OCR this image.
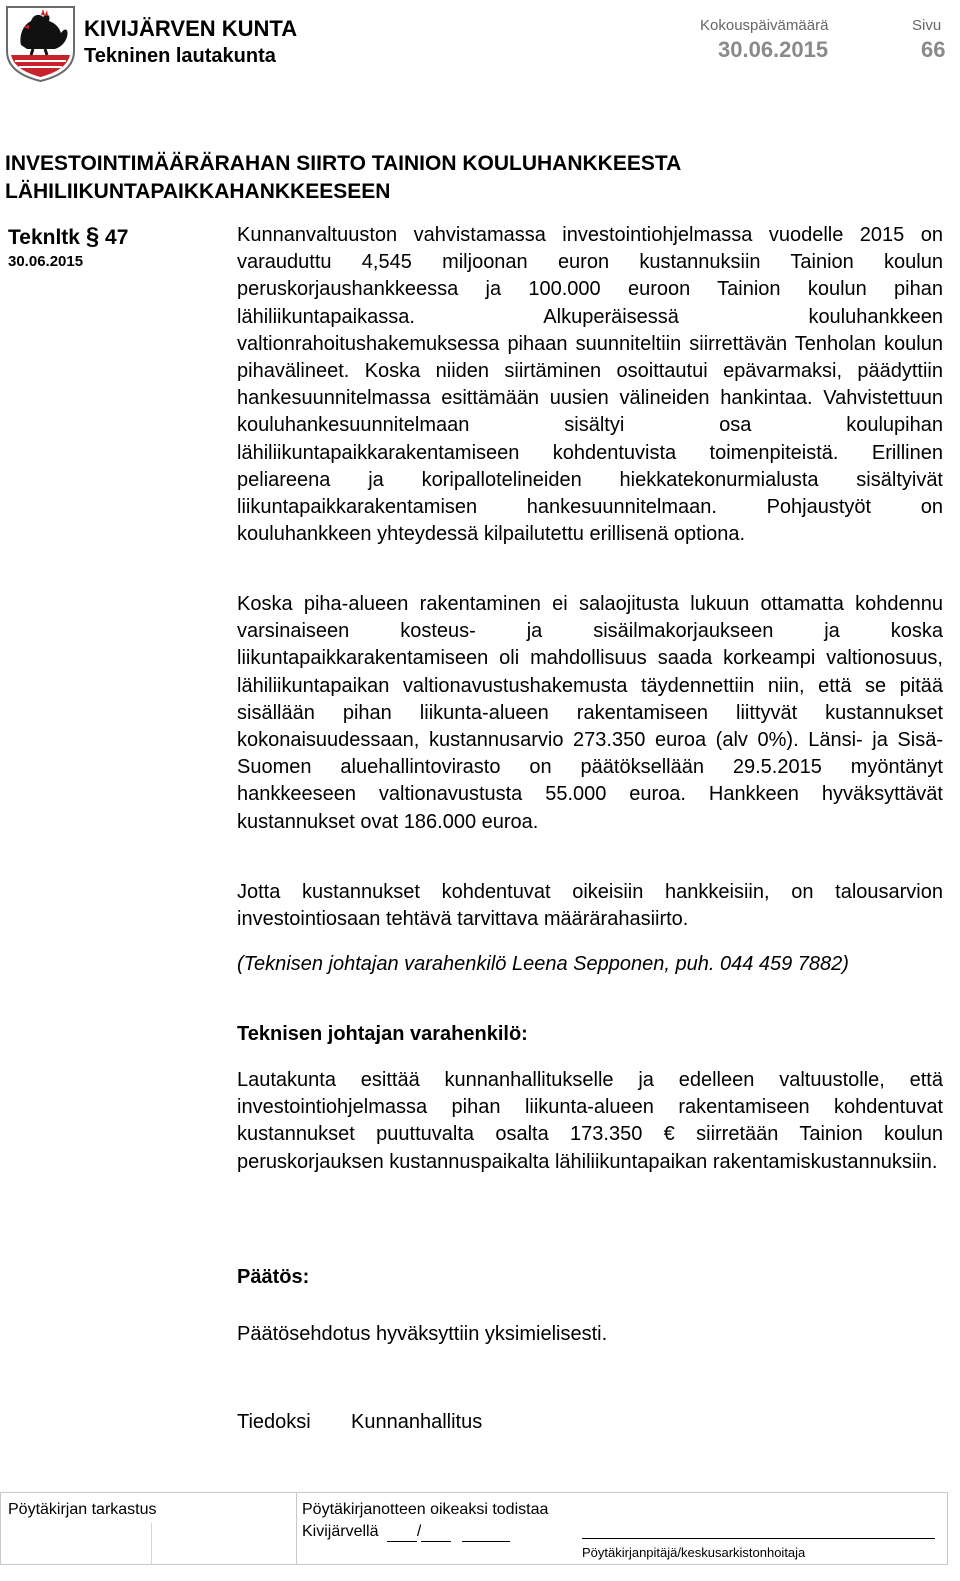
KIVIJÄRVEN KUNTA
Tekninen lautakunta
Kokouspäivämäärä
30.06.2015
Sivu
66
INVESTOINTIMÄÄRÄRAHAN SIIRTO TAINION KOULUHANKKEESTA LÄHILIIKUNTAPAIKKAHANKKEESEEN
Teknltk § 47
30.06.2015
Kunnanvaltuuston vahvistamassa investointiohjelmassa vuodelle 2015 on varauduttu 4,545 miljoonan euron kustannuksiin Tainion koulun peruskorjaushankkeessa ja 100.000 euroon Tainion koulun pihan lähiliikuntapaikassa. Alkuperäisessä kouluhankkeen valtionrahoitushakemuksessa pihaan suunniteltiin siirrettävän Tenholan koulun pihavälineet. Koska niiden siirtäminen osoittautui epävarmaksi, päädyttiin hankesuunnitelmassa esittämään uusien välineiden hankintaa. Vahvistettuun kouluhankesuunnitelmaan sisältyi osa koulupihan lähiliikuntapaikkarakentamiseen kohdentuvista toimenpiteistä. Erillinen peliareena ja koripallotelineiden hiekkatekonurmialusta sisältyivät liikuntapaikkarakentamisen hankesuunnitelmaan. Pohjaustyöt on kouluhankkeen yhteydessä kilpailutettu erillisenä optiona.
Koska piha-alueen rakentaminen ei salaojitusta lukuun ottamatta kohdennu varsinaiseen kosteus- ja sisäilmakorjaukseen ja koska liikuntapaikkarakentamiseen oli mahdollisuus saada korkeampi valtionosuus, lähiliikuntapaikan valtionavustushakemusta täydennettiin niin, että se pitää sisällään pihan liikunta-alueen rakentamiseen liittyvät kustannukset kokonaisuudessaan, kustannusarvio 273.350 euroa (alv 0%). Länsi- ja Sisä-Suomen aluehallintovirasto on päätöksellään 29.5.2015 myöntänyt hankkeeseen valtionavustusta 55.000 euroa. Hankkeen hyväksyttävät kustannukset ovat 186.000 euroa.
Jotta kustannukset kohdentuvat oikeisiin hankkeisiin, on talousarvion investointiosaan tehtävä tarvittava määrärahasiirto.
(Teknisen johtajan varahenkilö Leena Sepponen, puh. 044 459 7882)
Teknisen johtajan varahenkilö:
Lautakunta esittää kunnanhallitukselle ja edelleen valtuustolle, että investointiohjelmassa pihan liikunta-alueen rakentamiseen kohdentuvat kustannukset puuttuvalta osalta 173.350 € siirretään Tainion koulun peruskorjauksen kustannuspaikalta lähiliikuntapaikan rakentamiskustannuksiin.
Päätös:
Päätösehdotus hyväksyttiin yksimielisesti.
Tiedoksi Kunnanhallitus
Pöytäkirjan tarkastus	Pöytäkirjanotteen oikeaksi todistaa
Kivijärvellä /
Pöytäkirjanpitäjä/keskusarkistonhoitaja
